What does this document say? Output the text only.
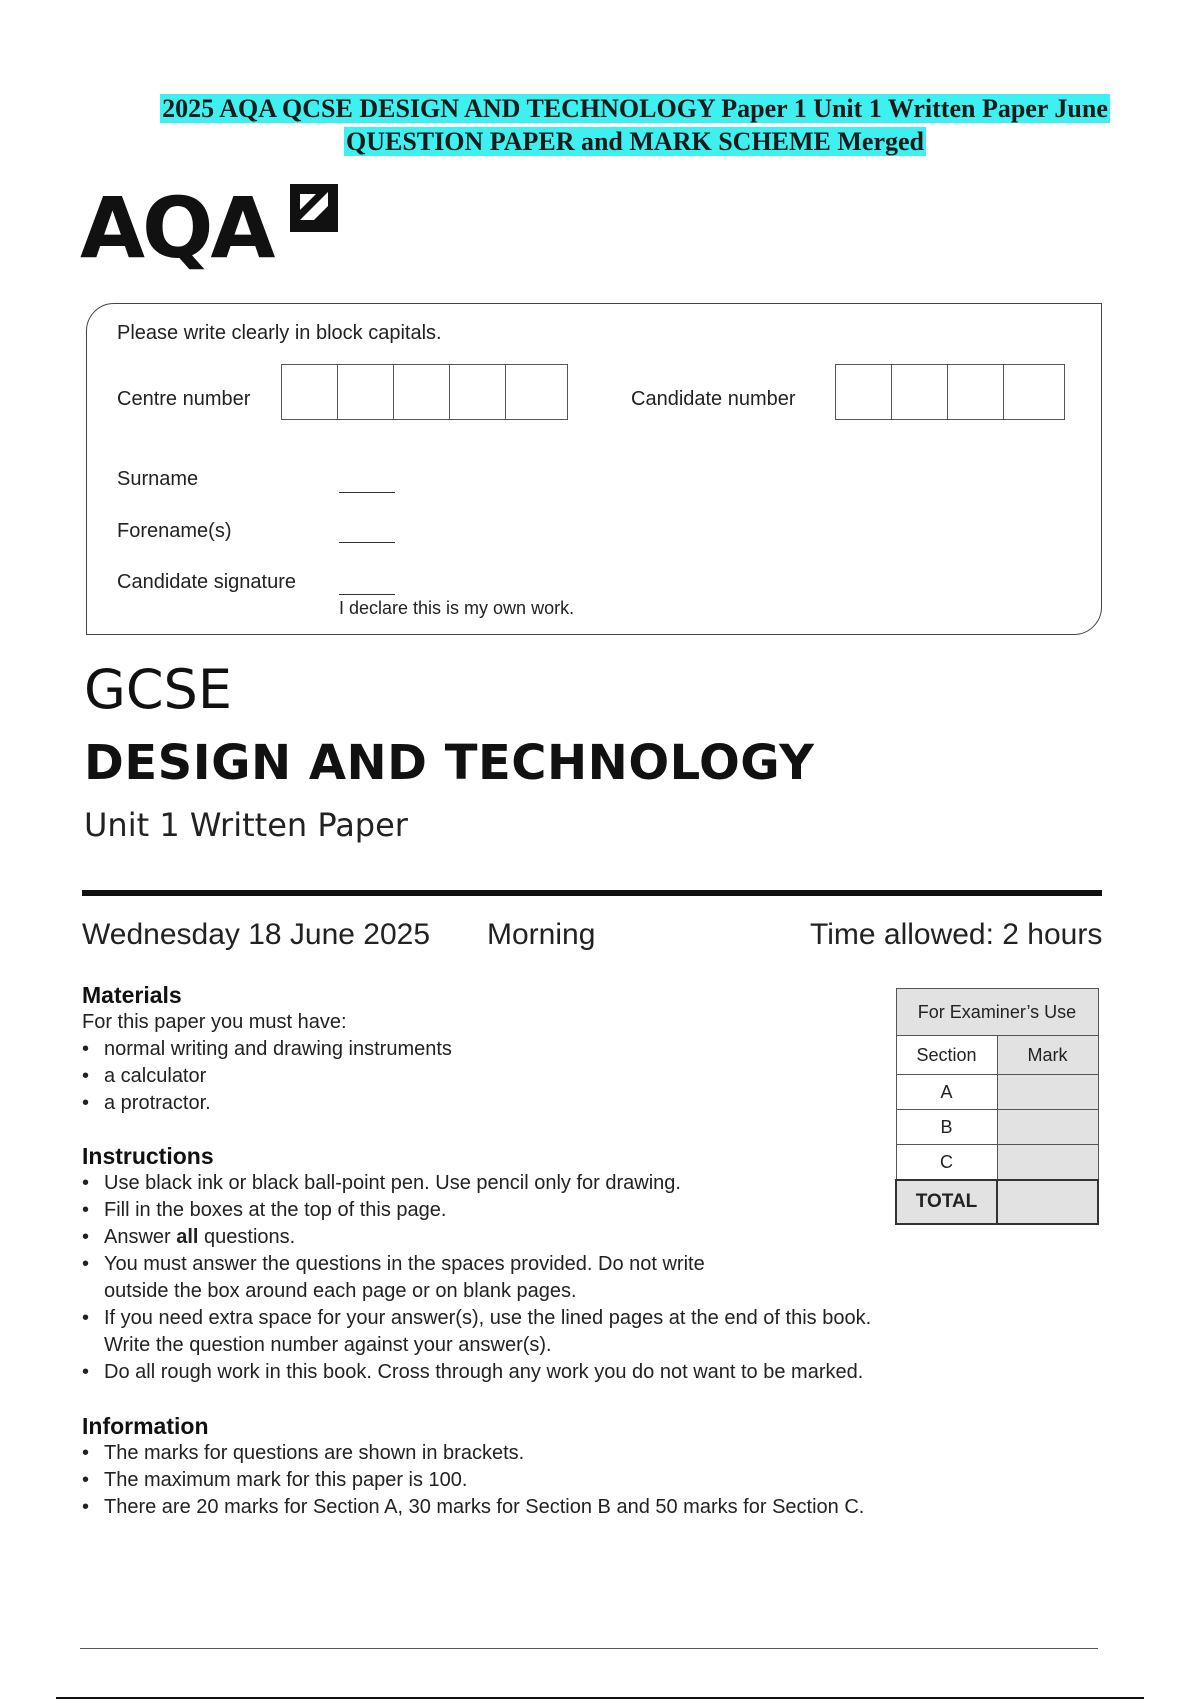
2025 AQA QCSE DESIGN AND TECHNOLOGY Paper 1 Unit 1 Written Paper June
QUESTION PAPER and MARK SCHEME Merged
AQA
Please write clearly in block capitals.
Centre number	Candidate number
Surname
Forename(s)
Candidate signature
I declare this is my own work.
GCSE
DESIGN AND TECHNOLOGY
Unit 1 Written Paper
Wednesday 18 June 2025 Morning	Time allowed: 2 hours
Materials
For this paper you must have:
• normal writing and drawing instruments
• a calculator
• a protractor.
Instructions
• Use black ink or black ball-point pen. Use pencil only for drawing.
• Fill in the boxes at the top of this page.
• Answer all questions.
• You must answer the questions in the spaces provided. Do not write
outside the box around each page or on blank pages.
• If you need extra space for your answer(s), use the lined pages at the end of this book.
Write the question number against your answer(s).
• Do all rough work in this book. Cross through any work you do not want to be marked.
Information
• The marks for questions are shown in brackets.
• The maximum mark for this paper is 100.
• There are 20 marks for Section A, 30 marks for Section B and 50 marks for Section C.
For Examiner’s Use	
Section	Mark
A	
B	
C	
TOTAL	
